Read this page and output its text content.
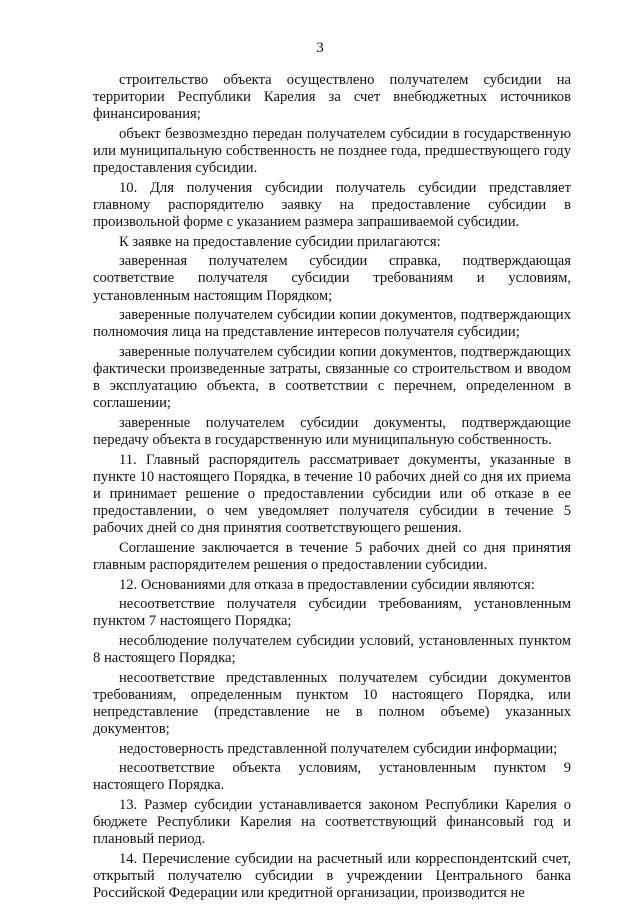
3

строительство объекта осуществлено получателем субсидии на территории Республики Карелия за счет внебюджетных источников финансирования;

объект безвозмездно передан получателем субсидии в государственную или муниципальную собственность не позднее года, предшествующего году предоставления субсидии.

10. Для получения субсидии получатель субсидии представляет главному распорядителю заявку на предоставление субсидии в произвольной форме с указанием размера запрашиваемой субсидии.

К заявке на предоставление субсидии прилагаются:

заверенная получателем субсидии справка, подтверждающая соответствие получателя субсидии требованиям и условиям, установленным настоящим Порядком;

заверенные получателем субсидии копии документов, подтверждающих полномочия лица на представление интересов получателя субсидии;

заверенные получателем субсидии копии документов, подтверждающих фактически произведенные затраты, связанные со строительством и вводом в эксплуатацию объекта, в соответствии с перечнем, определенном в соглашении;

заверенные получателем субсидии документы, подтверждающие передачу объекта в государственную или муниципальную собственность.

11. Главный распорядитель рассматривает документы, указанные в пункте 10 настоящего Порядка, в течение 10 рабочих дней со дня их приема и принимает решение о предоставлении субсидии или об отказе в ее предоставлении, о чем уведомляет получателя субсидии в течение 5 рабочих дней со дня принятия соответствующего решения.

Соглашение заключается в течение 5 рабочих дней со дня принятия главным распорядителем решения о предоставлении субсидии.

12. Основаниями для отказа в предоставлении субсидии являются:

несоответствие получателя субсидии требованиям, установленным пунктом 7 настоящего Порядка;

несоблюдение получателем субсидии условий, установленных пунктом 8 настоящего Порядка;

несоответствие представленных получателем субсидии документов требованиям, определенным пунктом 10 настоящего Порядка, или непредставление (представление не в полном объеме) указанных документов;

недостоверность представленной получателем субсидии информации;

несоответствие объекта условиям, установленным пунктом 9 настоящего Порядка.

13. Размер субсидии устанавливается законом Республики Карелия о бюджете Республики Карелия на соответствующий финансовый год и плановый период.

14. Перечисление субсидии на расчетный или корреспондентский счет, открытый получателю субсидии в учреждении Центрального банка Российской Федерации или кредитной организации, производится не
